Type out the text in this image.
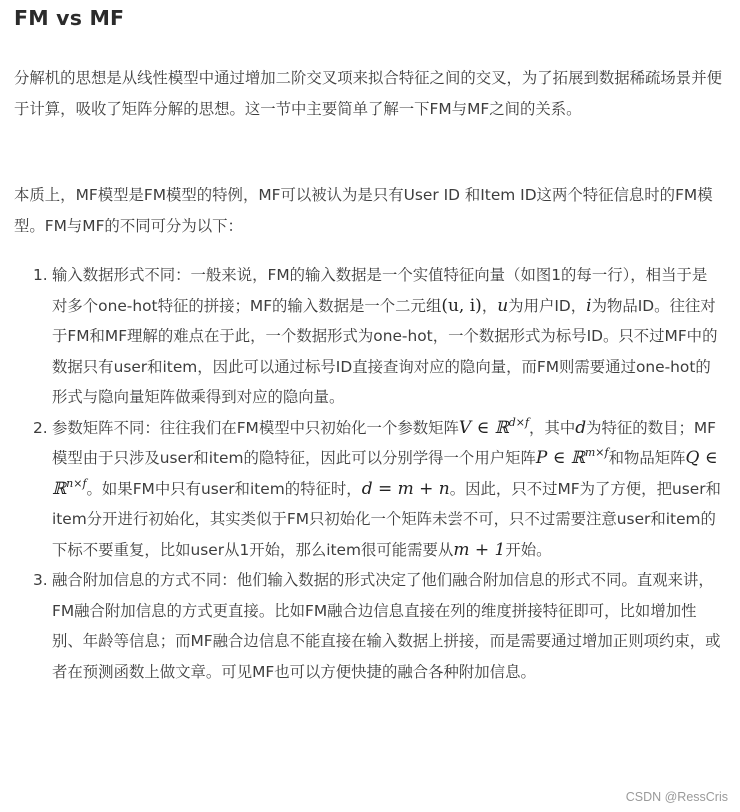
FM vs MF

分解机的思想是从线性模型中通过增加二阶交叉项来拟合特征之间的交叉，为了拓展到数据稀疏场景并便于计算，吸收了矩阵分解的思想。这一节中主要简单了解一下FM与MF之间的关系。

本质上，MF模型是FM模型的特例，MF可以被认为是只有User ID 和Item ID这两个特征信息时的FM模型。FM与MF的不同可分为以下：

1. 输入数据形式不同：一般来说，FM的输入数据是一个实值特征向量（如图1的每一行），相当于是对多个one-hot特征的拼接；MF的输入数据是一个二元组(u, i)，u为用户ID，i为物品ID。往往对于FM和MF理解的难点在于此，一个数据形式为one-hot，一个数据形式为标号ID。只不过MF中的数据只有user和item，因此可以通过标号ID直接查询对应的隐向量，而FM则需要通过one-hot的形式与隐向量矩阵做乘得到对应的隐向量。
2. 参数矩阵不同：往往我们在FM模型中只初始化一个参数矩阵V ∈ ℝ$^{d\times f}$，其中d为特征的数目；MF模型由于只涉及user和item的隐特征，因此可以分别学得一个用户矩阵P ∈ ℝ$^{m\times f}$和物品矩阵Q ∈ ℝ$^{n\times f}$。如果FM中只有user和item的特征时，d = m + n。因此，只不过MF为了方便，把user和item分开进行初始化，其实类似于FM只初始化一个矩阵未尝不可，只不过需要注意user和item的下标不要重复，比如user从1开始，那么item很可能需要从m + 1开始。
3. 融合附加信息的方式不同：他们输入数据的形式决定了他们融合附加信息的形式不同。直观来讲，FM融合附加信息的方式更直接。比如FM融合边信息直接在列的维度拼接特征即可，比如增加性别、年龄等信息；而MF融合边信息不能直接在输入数据上拼接，而是需要通过增加正则项约束，或者在预测函数上做文章。可见MF也可以方便快捷的融合各种附加信息。
CSDN @RessCris
